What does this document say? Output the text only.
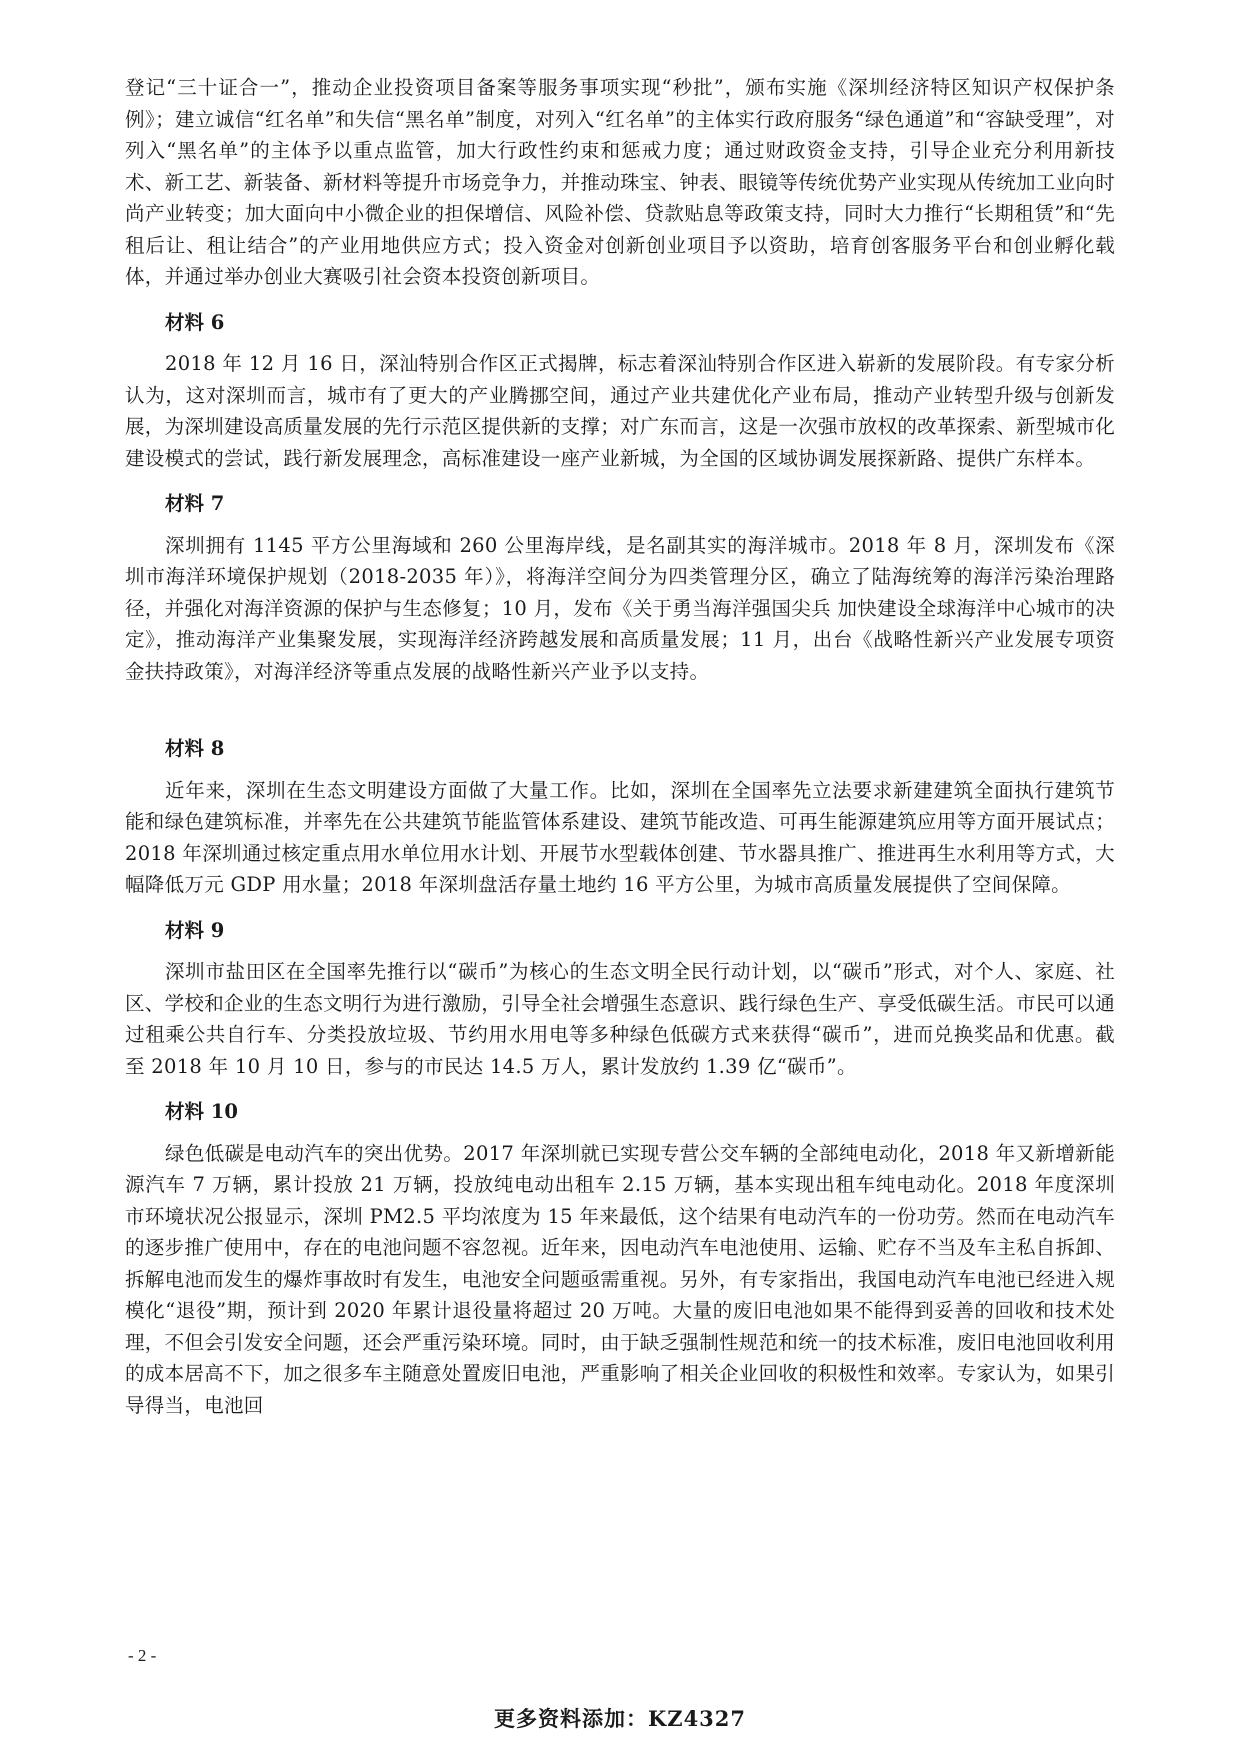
登记“三十证合一”，推动企业投资项目备案等服务事项实现“秒批”，颁布实施《深圳经济特区知识产权保护条例》；建立诚信“红名单”和失信“黑名单”制度，对列入“红名单”的主体实行政府服务“绿色通道”和“容缺受理”，对列入“黑名单”的主体予以重点监管，加大行政性约束和惩戒力度；通过财政资金支持，引导企业充分利用新技术、新工艺、新装备、新材料等提升市场竞争力，并推动珠宝、钟表、眼镜等传统优势产业实现从传统加工业向时尚产业转变；加大面向中小微企业的担保增信、风险补偿、贷款贴息等政策支持，同时大力推行“长期租赁”和“先租后让、租让结合”的产业用地供应方式；投入资金对创新创业项目予以资助，培育创客服务平台和创业孵化载体，并通过举办创业大赛吸引社会资本投资创新项目。

材料 6

2018 年 12 月 16 日，深汕特别合作区正式揭牌，标志着深汕特别合作区进入崭新的发展阶段。有专家分析认为，这对深圳而言，城市有了更大的产业腾挪空间，通过产业共建优化产业布局，推动产业转型升级与创新发展，为深圳建设高质量发展的先行示范区提供新的支撑；对广东而言，这是一次强市放权的改革探索、新型城市化建设模式的尝试，践行新发展理念，高标准建设一座产业新城，为全国的区域协调发展探新路、提供广东样本。

材料 7

深圳拥有 1145 平方公里海域和 260 公里海岸线，是名副其实的海洋城市。2018 年 8 月，深圳发布《深圳市海洋环境保护规划（2018-2035 年）》，将海洋空间分为四类管理分区，确立了陆海统筹的海洋污染治理路径，并强化对海洋资源的保护与生态修复；10 月，发布《关于勇当海洋强国尖兵 加快建设全球海洋中心城市的决定》，推动海洋产业集聚发展，实现海洋经济跨越发展和高质量发展；11 月，出台《战略性新兴产业发展专项资金扶持政策》，对海洋经济等重点发展的战略性新兴产业予以支持。

材料 8

近年来，深圳在生态文明建设方面做了大量工作。比如，深圳在全国率先立法要求新建建筑全面执行建筑节能和绿色建筑标准，并率先在公共建筑节能监管体系建设、建筑节能改造、可再生能源建筑应用等方面开展试点；2018 年深圳通过核定重点用水单位用水计划、开展节水型载体创建、节水器具推广、推进再生水利用等方式，大幅降低万元 GDP 用水量；2018 年深圳盘活存量土地约 16 平方公里，为城市高质量发展提供了空间保障。

材料 9

深圳市盐田区在全国率先推行以“碳币”为核心的生态文明全民行动计划，以“碳币”形式，对个人、家庭、社区、学校和企业的生态文明行为进行激励，引导全社会增强生态意识、践行绿色生产、享受低碳生活。市民可以通过租乘公共自行车、分类投放垃圾、节约用水用电等多种绿色低碳方式来获得“碳币”，进而兑换奖品和优惠。截至 2018 年 10 月 10 日，参与的市民达 14.5 万人，累计发放约 1.39 亿“碳币”。

材料 10

绿色低碳是电动汽车的突出优势。2017 年深圳就已实现专营公交车辆的全部纯电动化，2018 年又新增新能源汽车 7 万辆，累计投放 21 万辆，投放纯电动出租车 2.15 万辆，基本实现出租车纯电动化。2018 年度深圳市环境状况公报显示，深圳 PM2.5 平均浓度为 15 年来最低，这个结果有电动汽车的一份功劳。然而在电动汽车的逐步推广使用中，存在的电池问题不容忽视。近年来，因电动汽车电池使用、运输、贮存不当及车主私自拆卸、拆解电池而发生的爆炸事故时有发生，电池安全问题亟需重视。另外，有专家指出，我国电动汽车电池已经进入规模化“退役”期，预计到 2020 年累计退役量将超过 20 万吨。大量的废旧电池如果不能得到妥善的回收和技术处理，不但会引发安全问题，还会严重污染环境。同时，由于缺乏强制性规范和统一的技术标准，废旧电池回收利用的成本居高不下，加之很多车主随意处置废旧电池，严重影响了相关企业回收的积极性和效率。专家认为，如果引导得当，电池回

- 2 -
更多资料添加：KZ4327
